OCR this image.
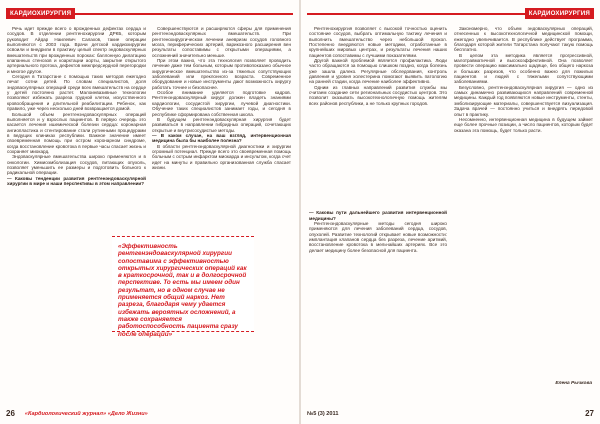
КАРДИОХИРУРГИЯ

Речь идет прежде всего о врожденных дефектах сердца и сосудов. В отделении рентгенохирургии ДРКБ, которым руководит Айдар Наилевич Салахов, такие операции выполняются с 2003 года. Врачи детской кардиохирургии освоили и внедрили в практику целый спектр эндоваскулярных вмешательств при врожденных пороках: баллонную дилатацию клапанных стенозов и коарктации аорты, закрытие открытого артериального протока, дефектов межпредсердной перегородки и многое другое.

Сегодня в Татарстане с помощью таких методов ежегодно лечат сотни детей. По словам специалистов, доля эндоваскулярных операций среди всех вмешательств на сердце у детей постоянно растет. Малоинвазивные технологии позволяют избежать разреза грудной клетки, искусственного кровообращения и длительной реабилитации. Ребенок, как правило, уже через несколько дней возвращается домой.

Большой объем рентгенэндоваскулярных операций выполняется и у взрослых пациентов. В первую очередь это касается лечения ишемической болезни сердца: коронарная ангиопластика и стентирование стали рутинными процедурами в ведущих клиниках республики. Важное значение имеет своевременная помощь при остром коронарном синдроме, когда восстановление кровотока в первые часы спасает жизнь и сохраняет миокард.

Эндоваскулярные вмешательства широко применяются и в онкологии. Химиоэмболизация сосудов, питающих опухоль, позволяет уменьшить ее размеры и подготовить больного к радикальной операции.

— Каковы тенденции развития рентгенэндоваскулярной хирургии в мире и наши перспективы в этом направлении?

Совершенствуются и расширяются сферы для применения рентгенэндоваскулярных вмешательств. При рентгенохирургическом лечении аневризм сосудов головного мозга, периферических артерий, варикозного расширения вен результаты сопоставимы с открытыми операциями, а осложнений значительно меньше.

При этом важно, что эта технология позволяет проводить лечение даже тем больным, которым противопоказано обычное хирургическое вмешательство из-за тяжелых сопутствующих заболеваний или преклонного возраста. Современное оборудование и новые инструменты дают возможность хирургу работать точнее и безопаснее.

Особое внимание уделяется подготовке кадров. Рентгенэндоваскулярный хирург должен владеть знаниями кардиологии, сосудистой хирургии, лучевой диагностики. Обучение таких специалистов занимает годы, и сегодня в республике сформирована собственная школа.

В будущем рентгенэндоваскулярная хирургия будет развиваться в направлении гибридных операций, сочетающих открытые и внутрисосудистые методы.

— В каком случае, на ваш взгляд, интервенционная медицина была бы наиболее полезна?

В области рентгенэндоваскулярной диагностики и хирургии огромный потенциал. Прежде всего это своевременная помощь больным с острым инфарктом миокарда и инсультом, когда счет идет на минуты и правильно организованная служба спасает жизни.

26 «Кардиологический журнал» «Дело Жизни»
КАРДИОХИРУРГИЯ

Рентгенохирургия позволяет с высокой точностью оценить состояние сосудов, выбрать оптимальную тактику лечения и выполнить вмешательство через небольшой прокол. Постепенно внедряются новые методики, отработанные в крупнейших мировых центрах, и результаты лечения наших пациентов сопоставимы с лучшими показателями.

Другой важной проблемой является профилактика. Люди часто обращаются за помощью слишком поздно, когда болезнь уже зашла далеко. Регулярные обследования, контроль давления и уровня холестерина помогают выявить патологию на ранней стадии, когда лечение наиболее эффективно.

Одним из главных направлений развития службы мы считаем создание сети региональных сосудистых центров. Это позволит оказывать высокотехнологичную помощь жителям всех районов республики, а не только крупных городов.

— Каковы пути дальнейшего развития интервенционной медицины?

Рентгенэндоваскулярные методы сегодня широко применяются для лечения заболеваний сердца, сосудов, опухолей. Развитие технологий открывает новые возможности: имплантация клапанов сердца без разреза, лечение аритмий, восстановление кровотока в мельчайших артериях. Все это делает медицину более безопасной для пациента.

Закономерно, что объем эндоваскулярных операций, отнесенных к высокотехнологичной медицинской помощи, ежегодно увеличивается. В республике действует программа, благодаря которой жители Татарстана получают такую помощь бесплатно.

В целом эта методика является прогрессивной, малотравматичной и высокоэффективной. Она позволяет провести операцию максимально щадяще, без общего наркоза и больших разрезов, что особенно важно для пожилых пациентов и людей с тяжелыми сопутствующими заболеваниями.

Безусловно, рентгенэндоваскулярная хирургия — одно из самых динамично развивающихся направлений современной медицины. Каждый год появляются новые инструменты, стенты, эмболизирующие материалы, совершенствуется визуализация. Задача врачей — постоянно учиться и внедрять передовой опыт в практику.

Несомненно, интервенционная медицина в будущем займет еще более прочные позиции, а число пациентов, которым будет оказана эта помощь, будет только расти.

Елена Рычкова
№5 (3) 2011	27
«Эффективность рентгенэндоваскулярной хирургии сопоставима с эффективностью открытых хирургических операций как в краткосрочной, так и в долгосрочной перспективе. То есть мы имеем один результат, но в одном случае не применяется общий наркоз. Нет разреза, благодаря чему удается избежать вероятных осложнений, а также сохраняется работоспособность пациента сразу после операции»
